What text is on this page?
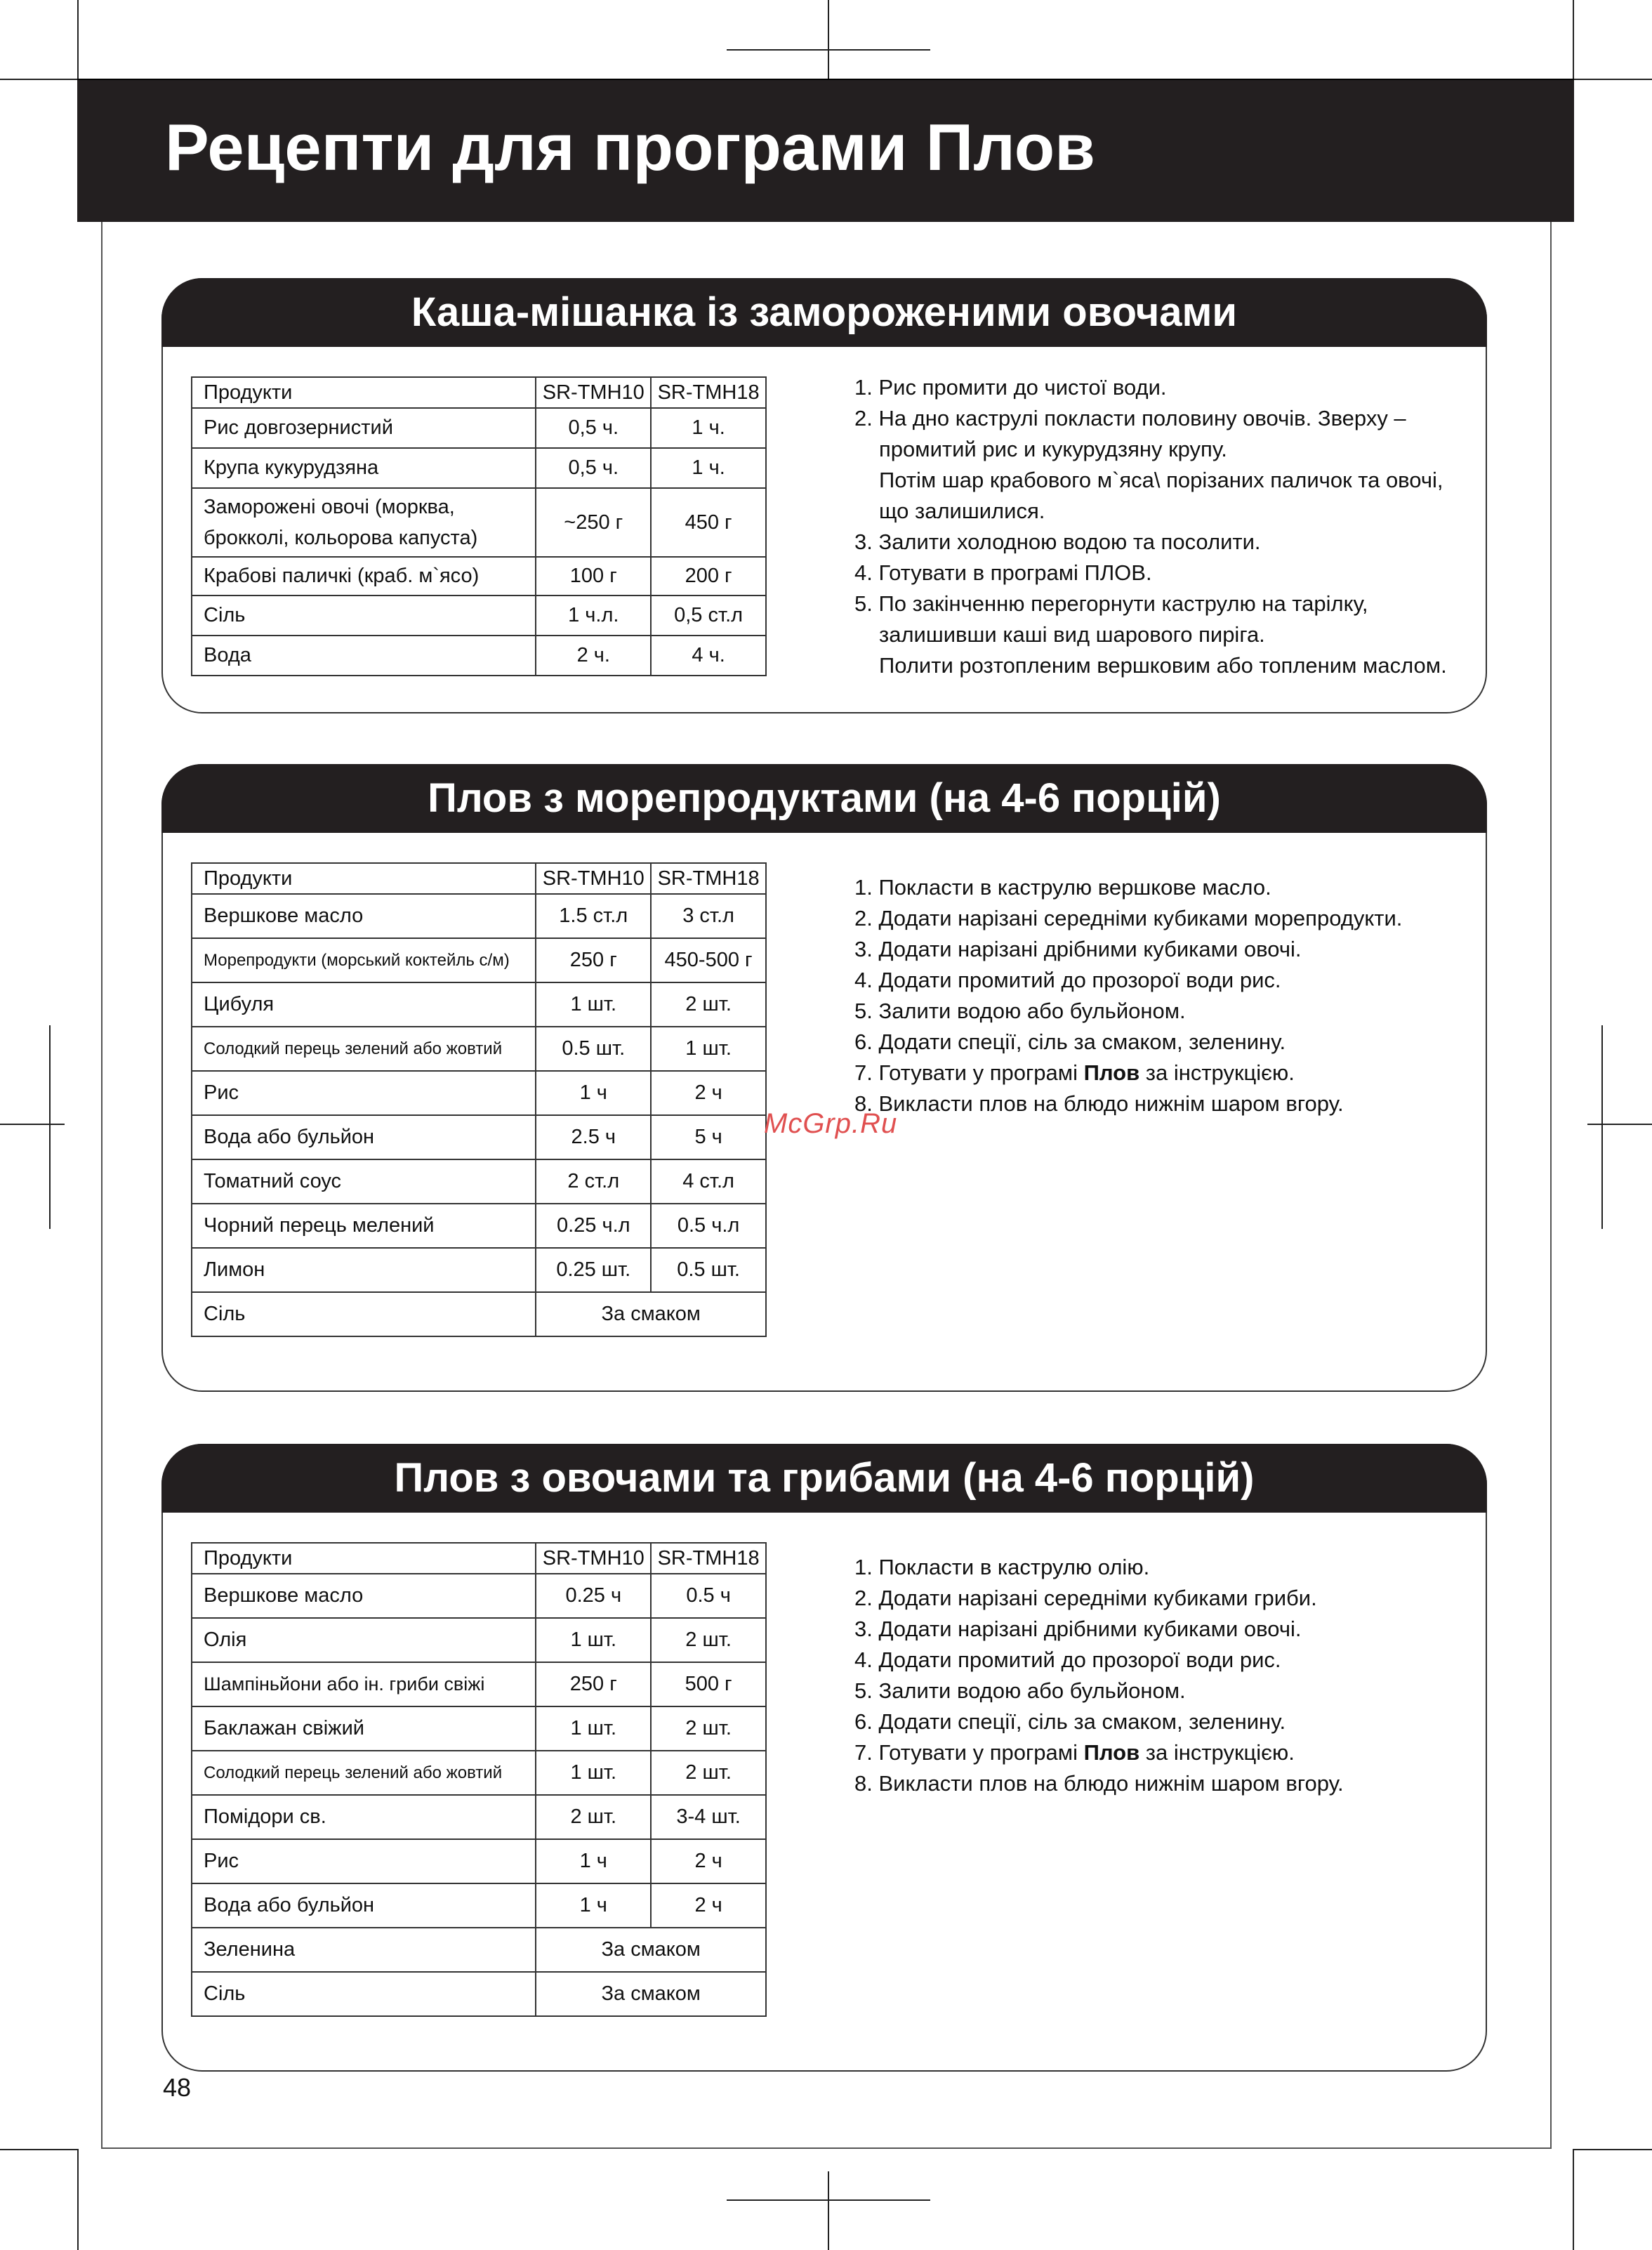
Рецепти для програми Плов
Каша-мішанка із замороженими овочами
Продукти	SR-TMH10	SR-TMH18
Рис довгозернистий	0,5 ч.	1 ч.
Крупа кукурудзяна	0,5 ч.	1 ч.
Заморожені овочі (морква, брокколі, кольорова капуста)	~250 г	450 г
Крабові паличкі (краб. м`ясо)	100 г	200 г
Сіль	1 ч.л.	0,5 ст.л
Вода	2 ч.	4 ч.
1. Рис промити до чистої води.
2. На дно каструлі покласти половину овочів. Зверху – промитий рис и кукурудзяну крупу.
Потім шар крабового м`яса\ порізаних паличок та овочі, що залишилися.
3. Залити холодною водою та посолити.
4. Готувати в програмі ПЛОВ.
5. По закінченню перегорнути каструлю на тарілку, залишивши каші вид шарового пиріга.
Полити розтопленим вершковим або топленим маслом.
Плов з морепродуктами (на 4-6 порцій)
Продукти	SR-TMH10	SR-TMH18
Вершкове масло	1.5 ст.л	3 ст.л
Морепродукти (морський коктейль с/м)	250 г	450-500 г
Цибуля	1 шт.	2 шт.
Солодкий перець зелений або жовтий	0.5 шт.	1 шт.
Рис	1 ч	2 ч
Вода або бульйон	2.5 ч	5 ч
Томатний соус	2 ст.л	4 ст.л
Чорний перець мелений	0.25 ч.л	0.5 ч.л
Лимон	0.25 шт.	0.5 шт.
Сіль	За смаком	
1. Покласти в каструлю вершкове масло.
2. Додати нарізані середніми кубиками морепродукти.
3. Додати нарізані дрібними кубиками овочі.
4. Додати промитий до прозорої води рис.
5. Залити водою або бульйоном.
6. Додати спеції, сіль за смаком, зеленину.
7. Готувати у програмі Плов за інструкцією.
8. Викласти плов на блюдо нижнім шаром вгору.
McGrp.Ru
Плов з овочами та грибами (на 4-6 порцій)
Продукти	SR-TMH10	SR-TMH18
Вершкове масло	0.25 ч	0.5 ч
Олія	1 шт.	2 шт.
Шампіньйони або ін. гриби свіжі	250 г	500 г
Баклажан свіжий	1 шт.	2 шт.
Солодкий перець зелений або жовтий	1 шт.	2 шт.
Помідори св.	2 шт.	3-4 шт.
Рис	1 ч	2 ч
Вода або бульйон	1 ч	2 ч
Зеленина	За смаком	
Сіль	За смаком	
1. Покласти в каструлю олію.
2. Додати нарізані середніми кубиками гриби.
3. Додати нарізані дрібними кубиками овочі.
4. Додати промитий до прозорої води рис.
5. Залити водою або бульйоном.
6. Додати спеції, сіль за смаком, зеленину.
7. Готувати у програмі Плов за інструкцією.
8. Викласти плов на блюдо нижнім шаром вгору.
48
